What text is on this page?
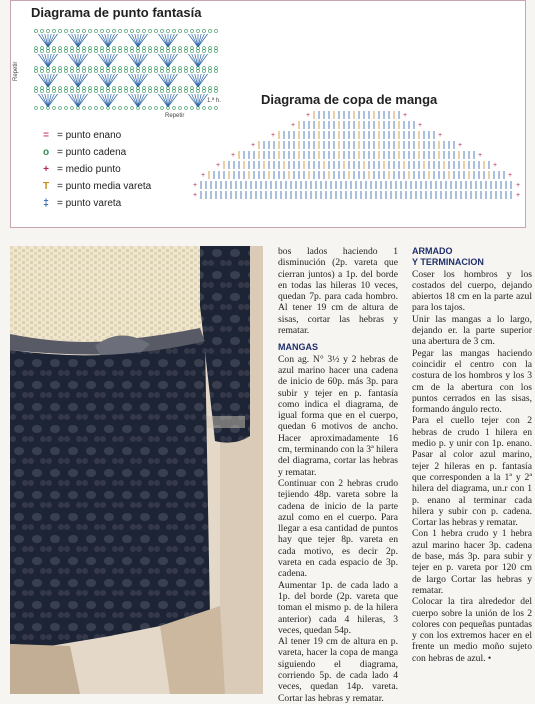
Diagrama de punto fantasía
Repetir
Repetir
1.ª h.
= = punto enano
o = punto cadena
+ = medio punto
T = punto media vareta
‡ = punto vareta
Diagrama de copa de manga
+	+
+	+
+	+
+	+
+	+
+	+
+	+
+	+
+	+

bos lados haciendo 1 disminución (2p. vareta que cierran juntos) a 1p. del borde en todas las hileras 10 veces, quedan 7p. para cada hombro. Al tener 19 cm de altura de sisas, cortar las hebras y rematar.

MANGAS

Con ag. N° 3½ y 2 hebras de azul marino hacer una cadena de inicio de 60p. más 3p. para subir y tejer en p. fantasía como indica el diagrama, de igual forma que en el cuerpo, quedan 6 motivos de ancho. Hacer aproximadamente 16 cm, terminando con la 3ª hilera del diagrama, cortar las hebras y rematar.

Continuar con 2 hebras crudo tejiendo 48p. vareta sobre la cadena de inicio de la parte azul como en el cuerpo. Para llegar a esa cantidad de puntos hay que tejer 8p. vareta en cada motivo, es decir 2p. vareta en cada espacio de 3p. cadena.

Aumentar 1p. de cada lado a 1p. del borde (2p. vareta que toman el mismo p. de la hilera anterior) cada 4 hileras, 3 veces, quedan 54p.

Al tener 19 cm de altura en p. vareta, hacer la copa de manga siguiendo el diagrama, corriendo 5p. de cada lado 4 veces, quedan 14p. vareta. Cortar las hebras y rematar.

ARMADO

Y TERMINACION

Coser los hombros y los costados del cuerpo, dejando abiertos 18 cm en la parte azul para los tajos.

Unir las mangas a lo largo, dejando er. la parte superior una abertura de 3 cm.

Pegar las mangas haciendo coincidir el centro con la costura de los hombros y los 3 cm de la abertura con los puntos cerrados en las sisas, formando ángulo recto.

Para el cuello tejer con 2 hebras de crudo 1 hilera en medio p. y unir con 1p. enano. Pasar al color azul marino, tejer 2 hileras en p. fantasía que corresponden a la 1ª y 2ª hilera del diagrama, un.r con 1 p. enano al terminar cada hilera y subir con p. cadena. Cortar las hebras y rematar.

Con 1 hebra crudo y 1 hebra azul marino hacer 3p. cadena de base, más 3p. para subir y tejer en p. vareta por 120 cm de largo Cortar las hebras y rematar.

Colocar la tira alrededor del cuerpo sobre la unión de los 2 colores con pequeñas puntadas y con los extremos hacer en el frente un medio moño sujeto con hebras de azul. •
